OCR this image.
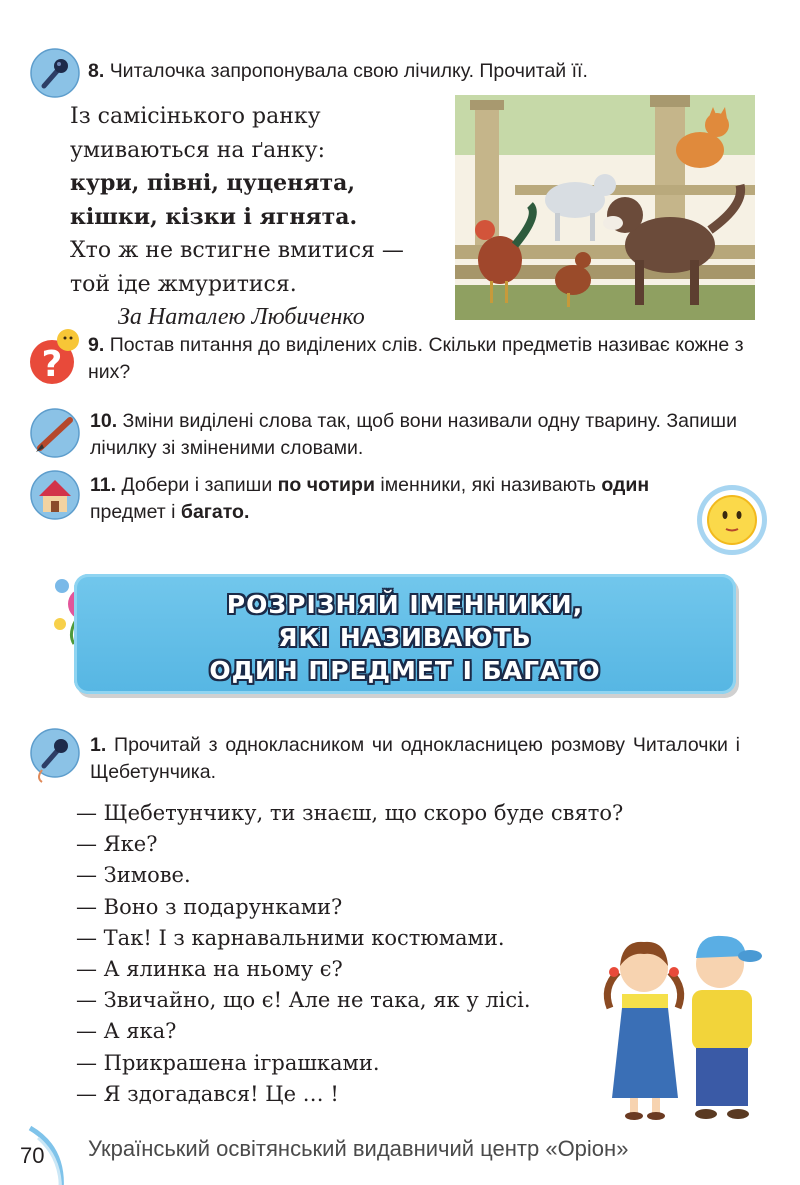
8. Читалочка запропонувала свою лічилку. Прочитай її.
Із самісінького ранку
умиваються на ґанку:
кури, півні, цуценята,
кішки, кізки і ягнята.
Хто ж не встигне вмитися —
той іде жмуритися.
За Наталею Любиченко
? 9. Постав питання до виділених слів. Скільки предметів називає кожне з них?
10. Зміни виділені слова так, щоб вони називали одну тварину. Запиши лічилку зі зміненими словами.
11. Добери і запиши по чотири іменники, які називають один предмет і багато.
РОЗРІЗНЯЙ ІМЕННИКИ,
ЯКІ НАЗИВАЮТЬ
ОДИН ПРЕДМЕТ І БАГАТО
1. Прочитай з однокласником чи однокласницею розмову Читалочки і Щебетунчика.
— Щебетунчику, ти знаєш, що скоро буде свято?
— Яке?
— Зимове.
— Воно з подарунками?
— Так! І з карнавальними костюмами.
— А ялинка на ньому є?
— Звичайно, що є! Але не така, як у лісі.
— А яка?
— Прикрашена іграшками.
— Я здогадався! Це … !
70 Український освітянський видавничий центр «Оріон»
